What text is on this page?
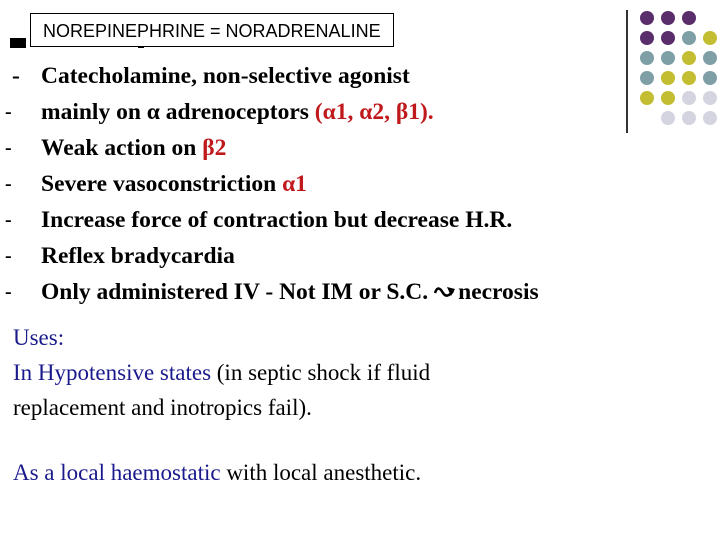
NOREPINEPHRINE = NORADRENALINE
- Catecholamine, non-selective agonist
- mainly on α adrenoceptors (α1, α2, β1).
- Weak action on β2
- Severe vasoconstriction α1
- Increase force of contraction but decrease H.R.
- Reflex bradycardia
- Only administered IV - Not IM or S.C. necrosis
Uses:
In Hypotensive states (in septic shock if fluid
replacement and inotropics fail).
As a local haemostatic with local anesthetic.
